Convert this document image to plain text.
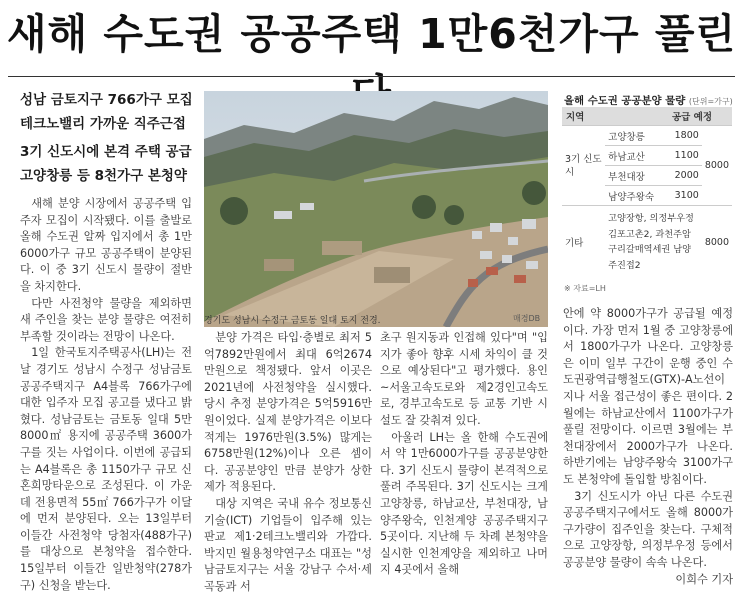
새해 수도권 공공주택 1만6천가구 풀린
성남 금토지구 766가구 모집
테크노밸리 가까운 직주근접
3기 신도시에 본격 주택 공급
고양창릉 등 8천가구 본청약

새해 분양 시장에서 공공주택 입주자 모집이 시작됐다. 이를 출발로 올해 수도권 알짜 입지에서 총 1만6000가구 규모 공공주택이 분양된다. 이 중 3기 신도시 물량이 절반을 차지한다.

다만 사전청약 물량을 제외하면 새 주인을 찾는 분양 물량은 여전히 부족할 것이라는 전망이 나온다.

1일 한국토지주택공사(LH)는 전날 경기도 성남시 수정구 성남금토 공공주택지구 A4블록 766가구에 대한 입주자 모집 공고를 냈다고 밝혔다. 성남금토는 금토동 일대 5만8000㎡ 용지에 공공주택 3600가구를 짓는 사업이다. 이번에 공급되는 A4블록은 총 1150가구 규모 신혼희망타운으로 조성된다. 이 가운데 전용면적 55㎡ 766가구가 이달에 먼저 분양된다. 오는 13일부터 이들간 사전청약 당첨자(488가구)를 대상으로 본청약을 접수한다. 15일부터 이들간 일반청약(278가구) 신청을 받는다.

경기도 성남시 수정구 금토동 일대 토지 전경.	매경DB

분양 가격은 타입·층별로 최저 5억7892만원에서 최대 6억2674만원으로 책정됐다. 앞서 이곳은 2021년에 사전청약을 실시했다. 당시 추정 분양가격은 5억5916만원이었다. 실제 분양가격은 이보다 적게는 1976만원(3.5%) 많게는 6758만원(12%)이나 오른 셈이다. 공공분양인 만큼 분양가 상한제가 적용된다.

대상 지역은 국내 유수 정보통신기술(ICT) 기업들이 입주해 있는 판교 제1·2테크노밸리와 가깝다. 박지민 월용청약연구소 대표는 "성남금토지구는 서울 강남구 수서·세곡동과 서

초구 원지동과 인접해 있다"며 "입지가 좋아 향후 시세 차익이 클 것으로 예상된다"고 평가했다. 용인~서울고속도로와 제2경인고속도로, 경부고속도로 등 교통 기반 시설도 잘 갖춰져 있다.

아울러 LH는 올 한해 수도권에서 약 1만6000가구를 공공분양한다. 3기 신도시 물량이 본격적으로 풀려 주목된다. 3기 신도시는 크게 고양창릉, 하남교산, 부천대장, 남양주왕숙, 인천계양 공공주택지구 5곳이다. 지난해 두 차례 본청약을 실시한 인천계양을 제외하고 나머지 4곳에서 올해

올해 수도권 공공분양 물량 (단위=가구)
지역	공급 예정		
3기 신도시	고양창릉	1800	8000
	하남교산	1100	
	부천대장	2000	
	남양주왕숙	3100	
기타	고양장항, 의정부우정 김포고촌2, 과천주암 구리갈매역세권 남양주진접2		8000
※ 자료=LH

안에 약 8000가구가 공급될 예정이다. 가장 먼저 1월 중 고양창릉에서 1800가구가 나온다. 고양창릉은 이미 일부 구간이 운행 중인 수도권광역급행철도(GTX)-A노선이 지나 서울 접근성이 좋은 편이다. 2월에는 하남교산에서 1100가구가 풀릴 전망이다. 이르면 3월에는 부천대장에서 2000가구가 나온다. 하반기에는 남양주왕숙 3100가구도 본청약에 돌입할 방침이다.

3기 신도시가 아닌 다른 수도권 공공주택지구에서도 올해 8000가구가량이 집주인을 찾는다. 구체적으로 고양장항, 의정부우정 등에서 공공분양 물량이 속속 나온다.

이희수 기자
